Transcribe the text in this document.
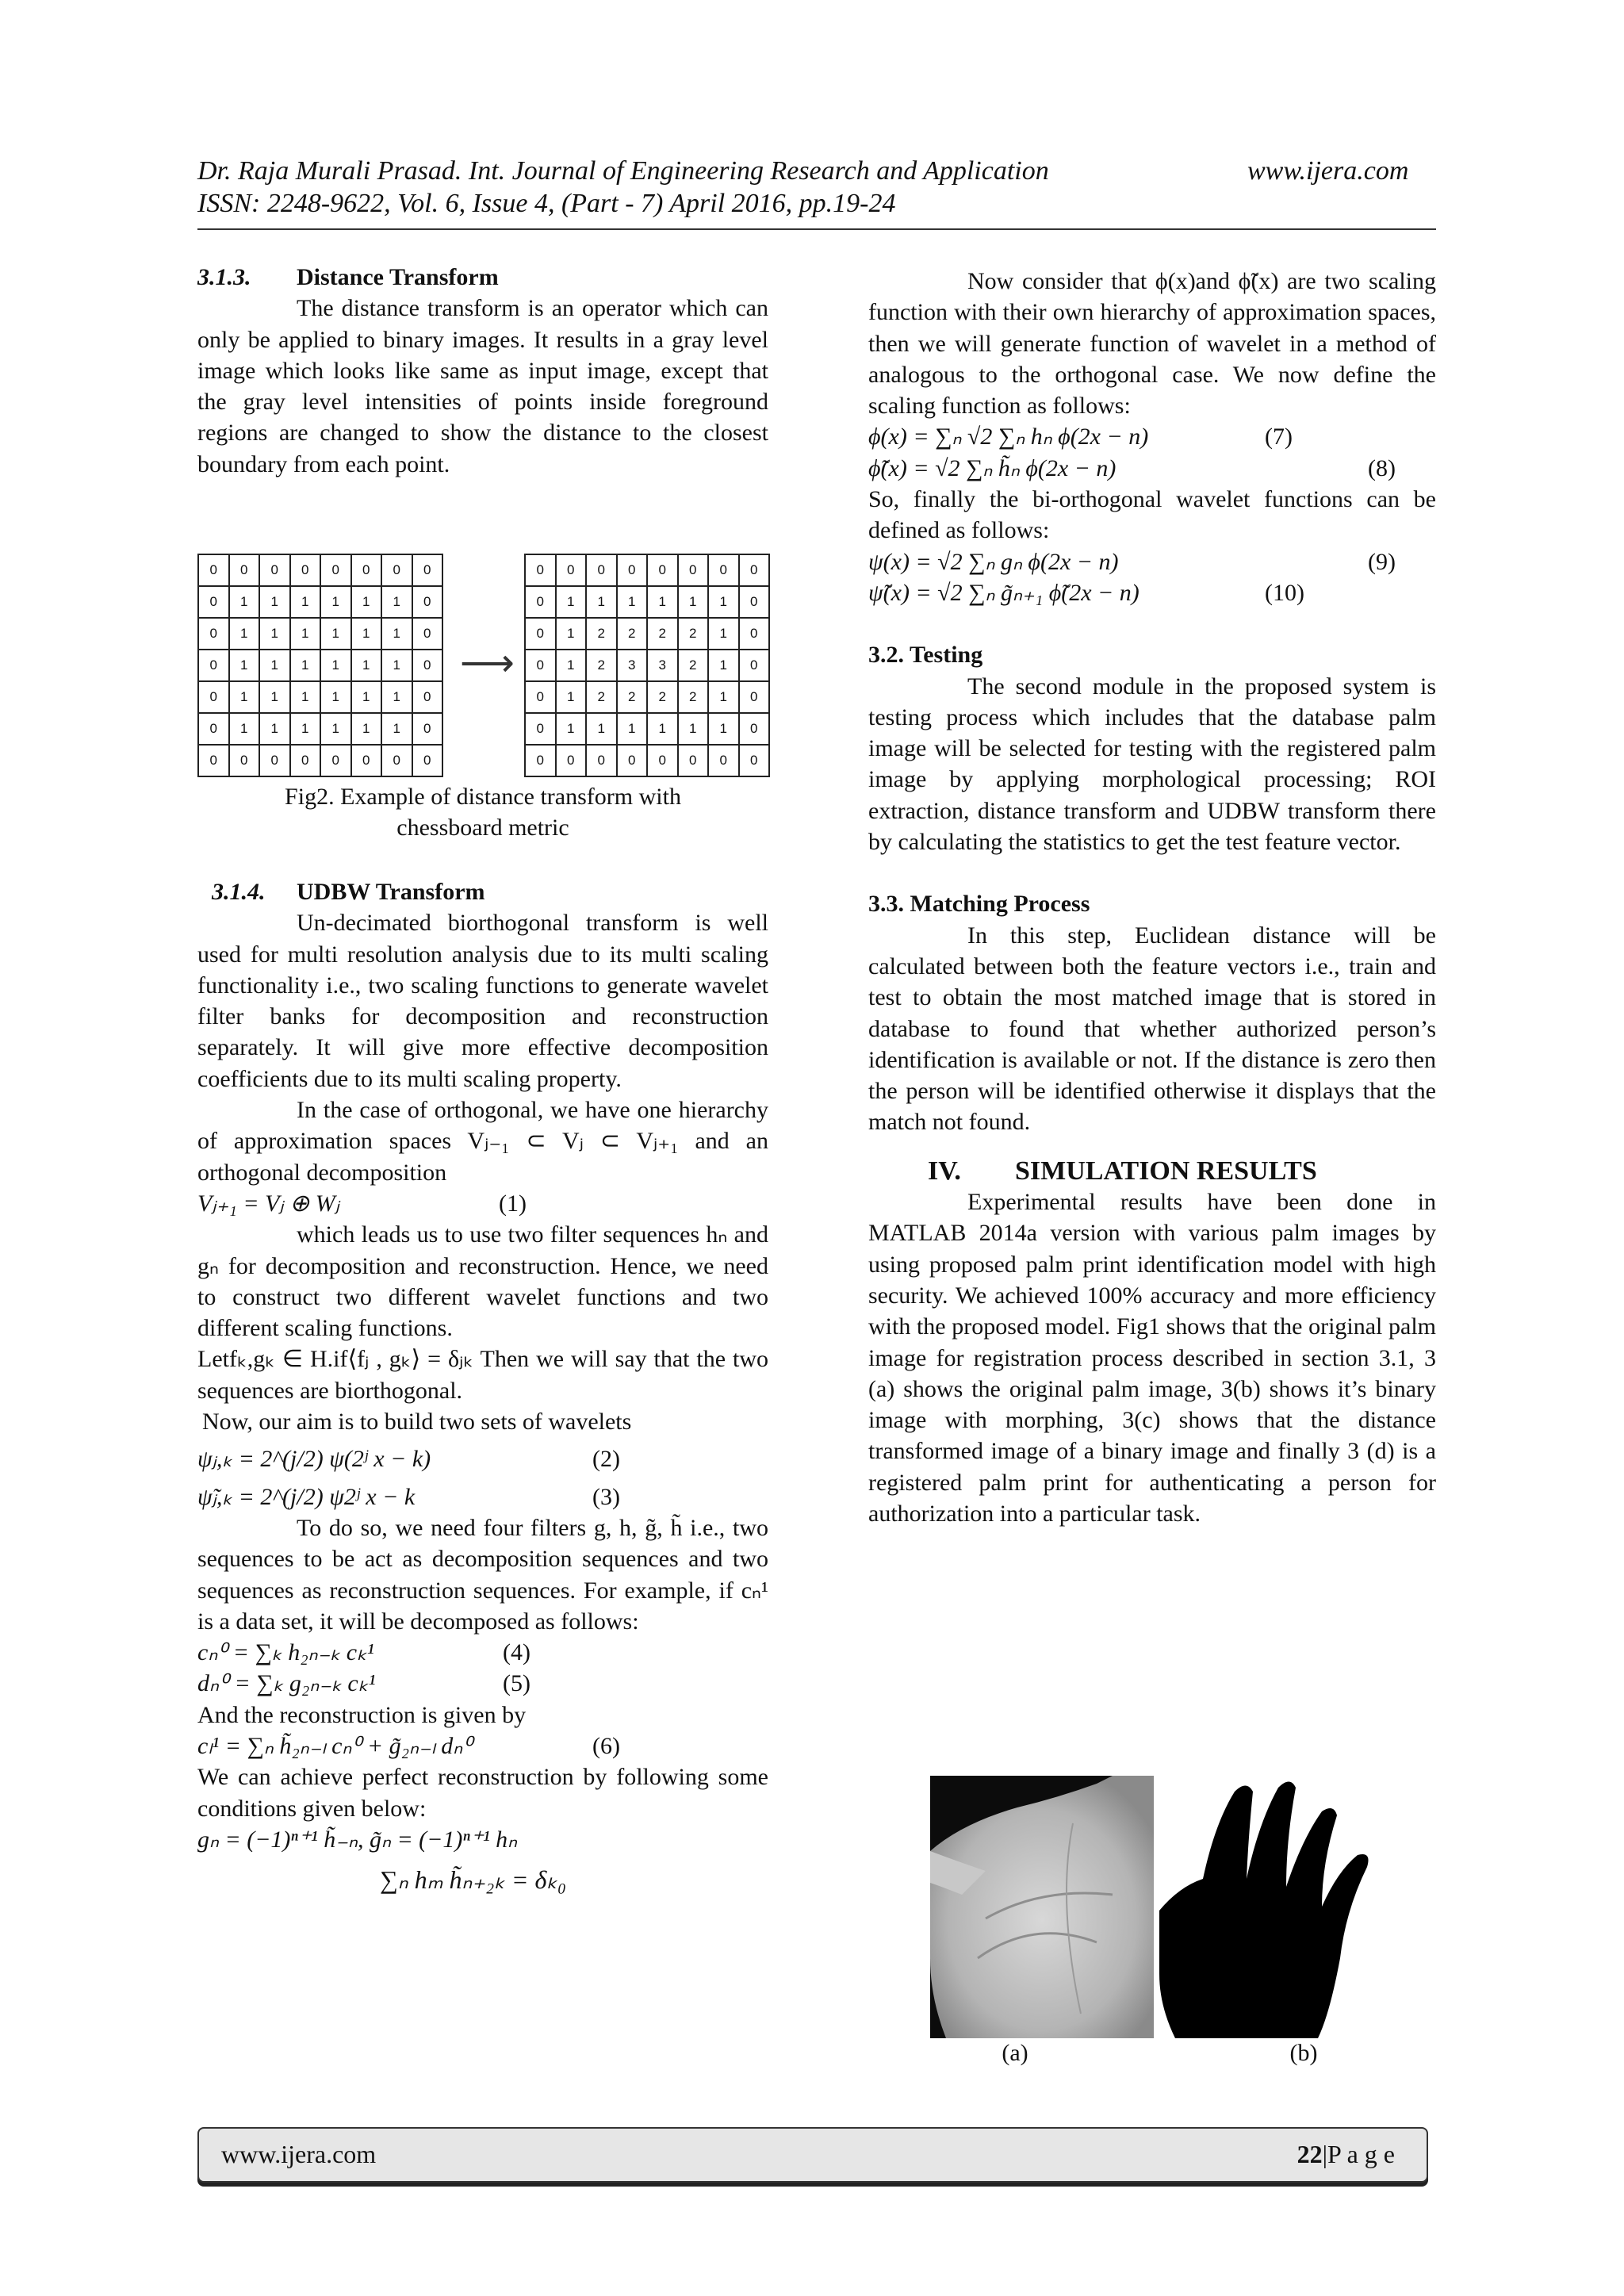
Dr. Raja Murali Prasad. Int. Journal of Engineering Research and Application	www.ijera.com
ISSN: 2248-9622, Vol. 6, Issue 4, (Part - 7) April 2016, pp.19-24
3.1.3. Distance Transform

The distance transform is an operator which can only be applied to binary images. It results in a gray level image which looks like same as input image, except that the gray level intensities of points inside foreground regions are changed to show the distance to the closest boundary from each point.

0	0	0	0	0	0	0	0
0	1	1	1	1	1	1	0
0	1	1	1	1	1	1	0
0	1	1	1	1	1	1	0
0	1	1	1	1	1	1	0
0	1	1	1	1	1	1	0
0	0	0	0	0	0	0	0
⟶
0	0	0	0	0	0	0	0
0	1	1	1	1	1	1	0
0	1	2	2	2	2	1	0
0	1	2	3	3	2	1	0
0	1	2	2	2	2	1	0
0	1	1	1	1	1	1	0
0	0	0	0	0	0	0	0
Fig2. Example of distance transform with
chessboard metric
3.1.4. UDBW Transform

Un-decimated biorthogonal transform is well used for multi resolution analysis due to its multi scaling functionality i.e., two scaling functions to generate wavelet filter banks for decomposition and reconstruction separately. It will give more effective decomposition coefficients due to its multi scaling property.

In the case of orthogonal, we have one hierarchy of approximation spaces Vⱼ₋₁ ⊂ Vⱼ ⊂ Vⱼ₊₁ and an orthogonal decomposition

Vⱼ₊₁ = Vⱼ ⊕ Wⱼ	(1)

which leads us to use two filter sequences hₙ and gₙ for decomposition and reconstruction. Hence, we need to construct two different wavelet functions and two different scaling functions.

Letfₖ,gₖ ∈ H.if⟨fⱼ , gₖ⟩ = δⱼₖ Then we will say that the two sequences are biorthogonal.

Now, our aim is to build two sets of wavelets

ψⱼ,ₖ = 2^(j/2) ψ(2ʲ x − k)	(2)
ψ̃ⱼ,ₖ = 2^(j/2) ψ2ʲ x − k	(3)

To do so, we need four filters g, h, g̃, h̃ i.e., two sequences to be act as decomposition sequences and two sequences as reconstruction sequences. For example, if cₙ¹ is a data set, it will be decomposed as follows:

cₙ⁰ = ∑ₖ h₂ₙ₋ₖ cₖ¹	(4)
dₙ⁰ = ∑ₖ g₂ₙ₋ₖ cₖ¹	(5)

And the reconstruction is given by

cₗ¹ = ∑ₙ h̃₂ₙ₋ₗ cₙ⁰ + g̃₂ₙ₋ₗ dₙ⁰	(6)

We can achieve perfect reconstruction by following some conditions given below:

gₙ = (−1)ⁿ⁺¹ h̃₋ₙ, g̃ₙ = (−1)ⁿ⁺¹ hₙ
∑ₙ hₘ h̃ₙ₊₂ₖ = δₖ₀

Now consider that ϕ(x)and ϕ̃(x) are two scaling function with their own hierarchy of approximation spaces, then we will generate function of wavelet in a method of analogous to the orthogonal case. We now define the scaling function as follows:

ϕ(x) = ∑ₙ √2 ∑ₙ hₙ ϕ(2x − n)	(7)
ϕ̃(x) = √2 ∑ₙ h̃ₙ ϕ(2x − n)	(8)

So, finally the bi-orthogonal wavelet functions can be defined as follows:

ψ(x) = √2 ∑ₙ gₙ ϕ(2x − n)	(9)
ψ̃(x) = √2 ∑ₙ g̃ₙ₊₁ ϕ̃(2x − n)	(10)
3.2. Testing

The second module in the proposed system is testing process which includes that the database palm image will be selected for testing with the registered palm image by applying morphological processing; ROI extraction, distance transform and UDBW transform there by calculating the statistics to get the test feature vector.

3.3. Matching Process

In this step, Euclidean distance will be calculated between both the feature vectors i.e., train and test to obtain the most matched image that is stored in database to found that whether authorized person’s identification is available or not. If the distance is zero then the person will be identified otherwise it displays that the match not found.

IV. SIMULATION RESULTS

Experimental results have been done in MATLAB 2014a version with various palm images by using proposed palm print identification model with high security. We achieved 100% accuracy and more efficiency with the proposed model. Fig1 shows that the original palm image for registration process described in section 3.1, 3 (a) shows the original palm image, 3(b) shows it’s binary image with morphing, 3(c) shows that the distance transformed image of a binary image and finally 3 (d) is a registered palm print for authenticating a person for authorization into a particular task.

(a)	(b)
www.ijera.com	22|P a g e
